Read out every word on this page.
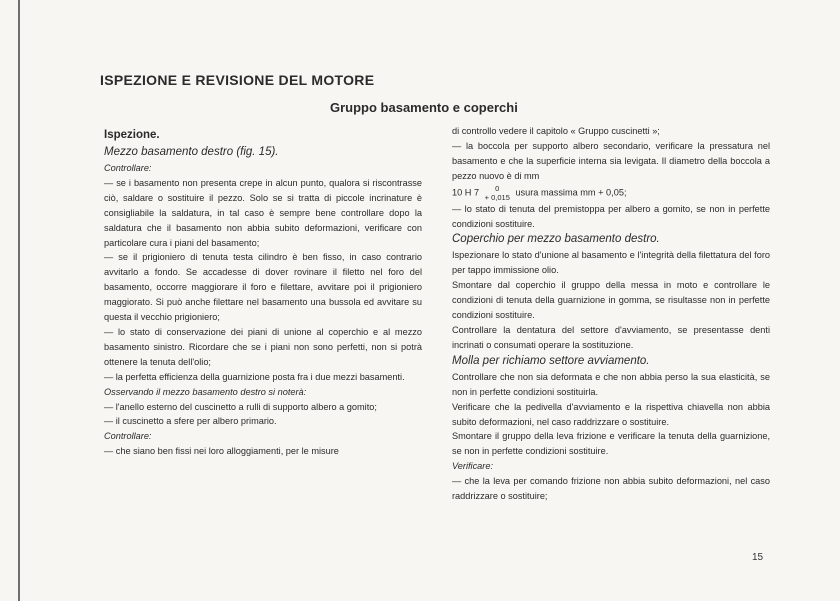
ISPEZIONE E REVISIONE DEL MOTORE
Gruppo basamento e coperchi

Ispezione.

Mezzo basamento destro (fig. 15).

Controllare:

— se i basamento non presenta crepe in alcun punto, qualora si riscontrasse ciò, saldare o sostituire il pezzo. Solo se si tratta di piccole incrinature è consigliabile la saldatura, in tal caso è sempre bene controllare dopo la saldatura che il basamento non abbia subito deformazioni, verificare con particolare cura i piani del basamento;

— se il prigioniero di tenuta testa cilindro è ben fisso, in caso contrario avvitarlo a fondo. Se accadesse di dover rovinare il filetto nel foro del basamento, occorre maggiorare il foro e filettare, avvitare poi il prigioniero maggiorato. Si può anche filettare nel basamento una bussola ed avvitare su questa il vecchio prigioniero;

— lo stato di conservazione dei piani di unione al coperchio e al mezzo basamento sinistro. Ricordare che se i piani non sono perfetti, non si potrà ottenere la tenuta dell'olio;

— la perfetta efficienza della guarnizione posta fra i due mezzi basamenti.

Osservando il mezzo basamento destro si noterà:

— l'anello esterno del cuscinetto a rulli di supporto albero a gomito;

— il cuscinetto a sfere per albero primario.

Controllare:

— che siano ben fissi nei loro alloggiamenti, per le misure

di controllo vedere il capitolo « Gruppo cuscinetti »;

— la boccola per supporto albero secondario, verificare la pressatura nel basamento e che la superficie interna sia levigata. Il diametro della boccola a pezzo nuovo è di mm

10 H 7	0
+ 0,015
usura massima mm + 0,05;

— lo stato di tenuta del premistoppa per albero a gomito, se non in perfette condizioni sostituire.

Coperchio per mezzo basamento destro.

Ispezionare lo stato d'unione al basamento e l'integrità della filettatura del foro per tappo immissione olio.

Smontare dal coperchio il gruppo della messa in moto e controllare le condizioni di tenuta della guarnizione in gomma, se risultasse non in perfette condizioni sostituire.

Controllare la dentatura del settore d'avviamento, se presentasse denti incrinati o consumati operare la sostituzione.

Molla per richiamo settore avviamento.

Controllare che non sia deformata e che non abbia perso la sua elasticità, se non in perfette condizioni sostituirla.

Verificare che la pedivella d'avviamento e la rispettiva chiavella non abbia subito deformazioni, nel caso raddrizzare o sostituire.

Smontare il gruppo della leva frizione e verificare la tenuta della guarnizione, se non in perfette condizioni sostituire.

Verificare:

— che la leva per comando frizione non abbia subito deformazioni, nel caso raddrizzare o sostituire;

15
